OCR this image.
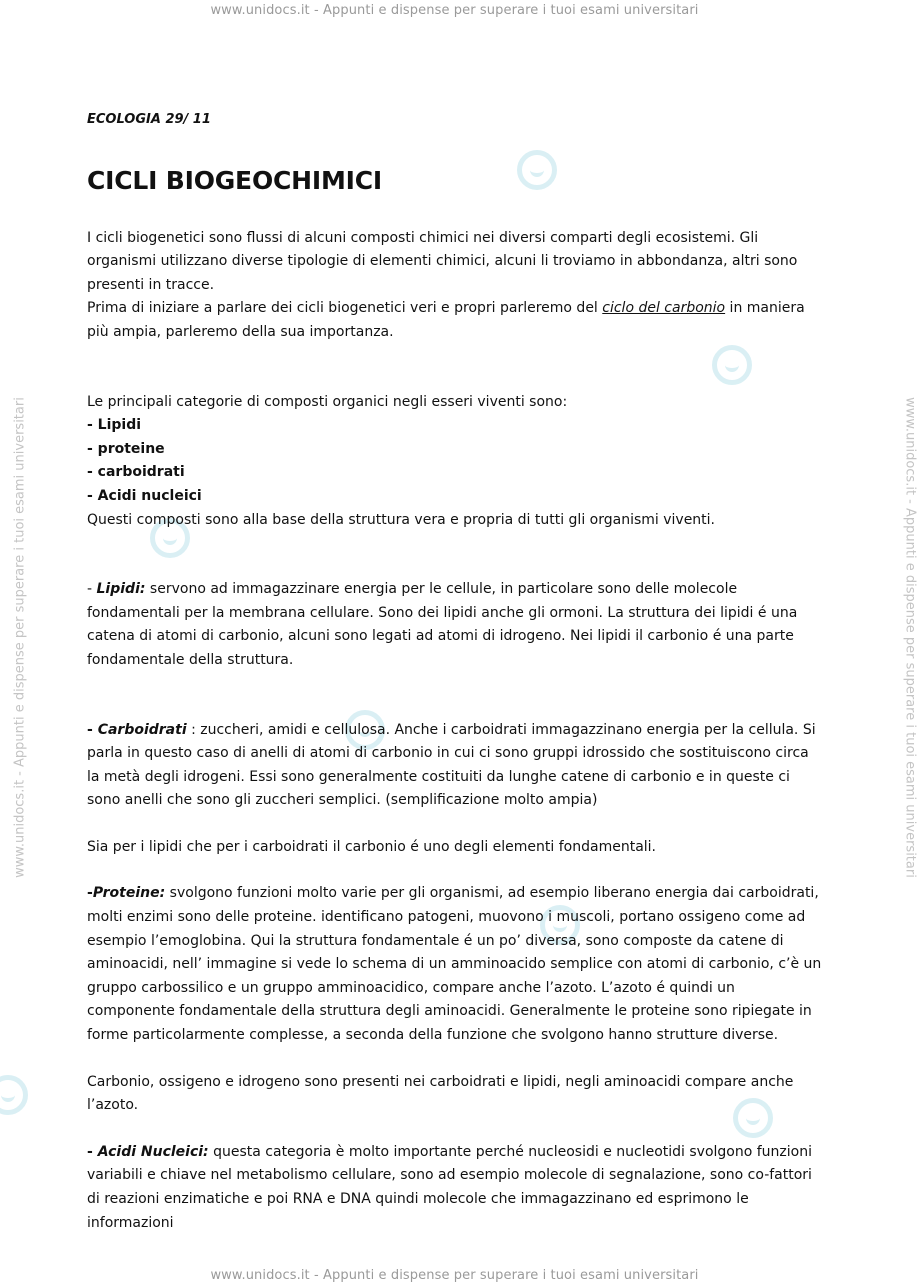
www.unidocs.it - Appunti e dispense per superare i tuoi esami universitari
www.unidocs.it - Appunti e dispense per superare i tuoi esami universitari
www.unidocs.it - Appunti e dispense per superare i tuoi esami universitari	www.unidocs.it - Appunti e dispense per superare i tuoi esami universitari
ECOLOGIA 29/ 11
CICLI BIOGEOCHIMICI

I cicli biogenetici sono flussi di alcuni composti chimici nei diversi comparti degli ecosistemi. Gli organismi utilizzano diverse tipologie di elementi chimici, alcuni li troviamo in abbondanza, altri sono presenti in tracce.

Prima di iniziare a parlare dei cicli biogenetici veri e propri parleremo del ciclo del carbonio in maniera più ampia, parleremo della sua importanza.

Le principali categorie di composti organici negli esseri viventi sono:

- Lipidi

- proteine

- carboidrati

- Acidi nucleici

Questi composti sono alla base della struttura vera e propria di tutti gli organismi viventi.

- Lipidi: servono ad immagazzinare energia per le cellule, in particolare sono delle molecole fondamentali per la membrana cellulare. Sono dei lipidi anche gli ormoni. La struttura dei lipidi é una catena di atomi di carbonio, alcuni sono legati ad atomi di idrogeno. Nei lipidi il carbonio é una parte fondamentale della struttura.

- Carboidrati : zuccheri, amidi e cellulosa. Anche i carboidrati immagazzinano energia per la cellula. Si parla in questo caso di anelli di atomi di carbonio in cui ci sono gruppi idrossido che sostituiscono circa la metà degli idrogeni. Essi sono generalmente costituiti da lunghe catene di carbonio e in queste ci sono anelli che sono gli zuccheri semplici. (semplificazione molto ampia)

Sia per i lipidi che per i carboidrati il carbonio é uno degli elementi fondamentali.

-Proteine: svolgono funzioni molto varie per gli organismi, ad esempio liberano energia dai carboidrati, molti enzimi sono delle proteine. identificano patogeni, muovono i muscoli, portano ossigeno come ad esempio l’emoglobina. Qui la struttura fondamentale é un po’ diversa, sono composte da catene di aminoacidi, nell’ immagine si vede lo schema di un amminoacido semplice con atomi di carbonio, c’è un gruppo carbossilico e un gruppo amminoacidico, compare anche l’azoto. L’azoto é quindi un componente fondamentale della struttura degli aminoacidi. Generalmente le proteine sono ripiegate in forme particolarmente complesse, a seconda della funzione che svolgono hanno strutture diverse.

Carbonio, ossigeno e idrogeno sono presenti nei carboidrati e lipidi, negli aminoacidi compare anche l’azoto.

- Acidi Nucleici: questa categoria è molto importante perché nucleosidi e nucleotidi svolgono funzioni variabili e chiave nel metabolismo cellulare, sono ad esempio molecole di segnalazione, sono co-fattori di reazioni enzimatiche e poi RNA e DNA quindi molecole che immagazzinano ed esprimono le informazioni
